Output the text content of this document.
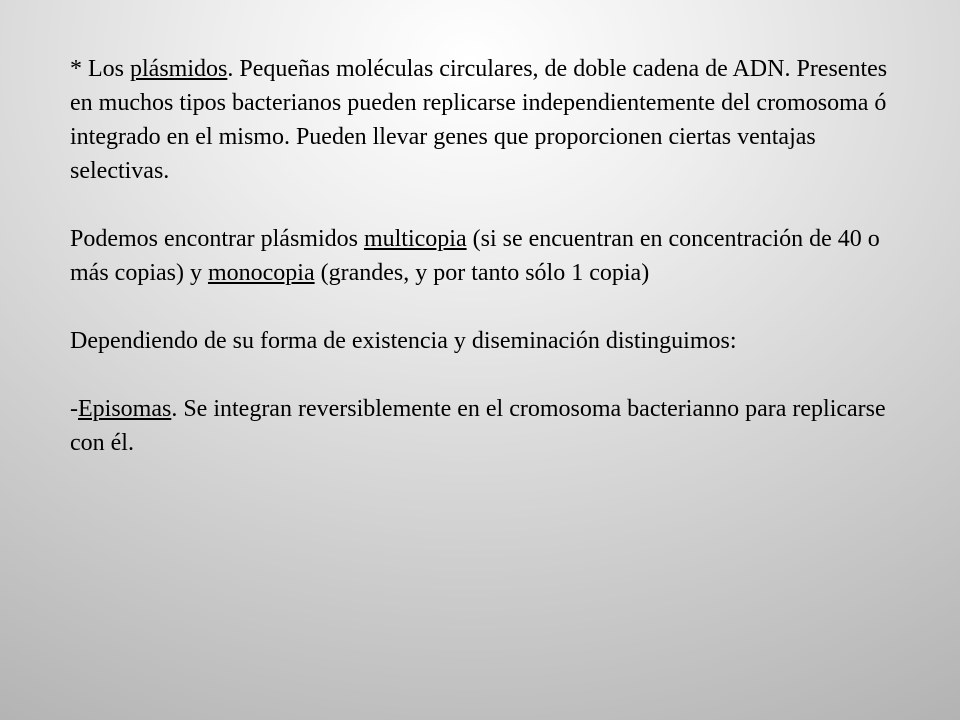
* Los plásmidos. Pequeñas moléculas circulares, de doble cadena de ADN. Presentes en muchos tipos bacterianos pueden replicarse independientemente del cromosoma ó integrado en el mismo. Pueden llevar genes que proporcionen ciertas ventajas selectivas.

Podemos encontrar plásmidos multicopia (si se encuentran en concentración de 40 o más copias) y monocopia (grandes, y por tanto sólo 1 copia)

Dependiendo de su forma de existencia y diseminación distinguimos:

-Episomas. Se integran reversiblemente en el cromosoma bacterianno para replicarse con él.
